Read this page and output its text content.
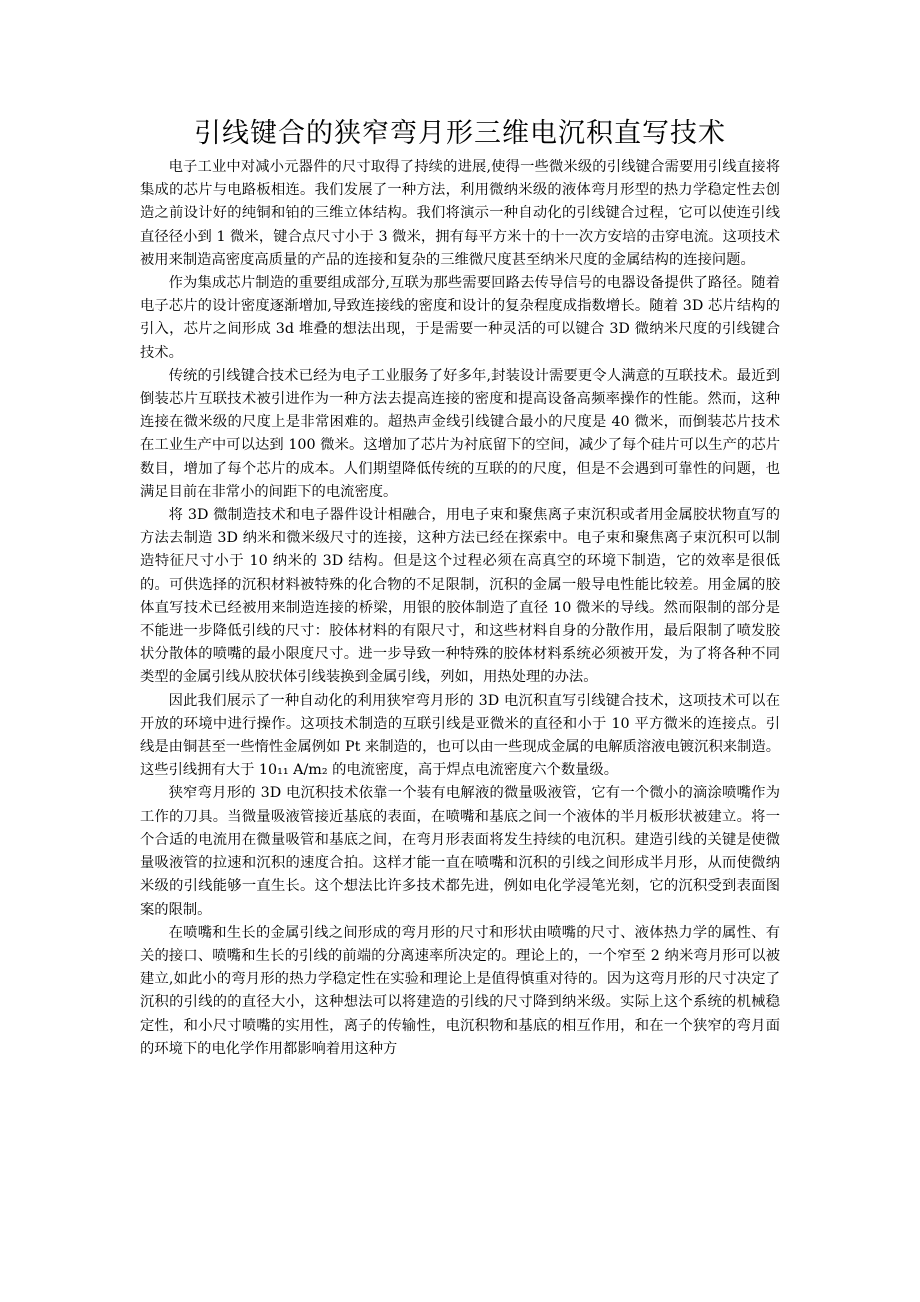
引线键合的狭窄弯月形三维电沉积直写技术

电子工业中对减小元器件的尺寸取得了持续的进展,使得一些微米级的引线键合需要用引线直接将集成的芯片与电路板相连。我们发展了一种方法，利用微纳米级的液体弯月形型的热力学稳定性去创造之前设计好的纯铜和铂的三维立体结构。我们将演示一种自动化的引线键合过程，它可以使连引线直径径小到 1 微米，键合点尺寸小于 3 微米，拥有每平方米十的十一次方安培的击穿电流。这项技术被用来制造高密度高质量的产品的连接和复杂的三维微尺度甚至纳米尺度的金属结构的连接问题。

作为集成芯片制造的重要组成部分,互联为那些需要回路去传导信号的电器设备提供了路径。随着电子芯片的设计密度逐渐增加,导致连接线的密度和设计的复杂程度成指数增长。随着 3D 芯片结构的引入，芯片之间形成 3d 堆叠的想法出现，于是需要一种灵活的可以键合 3D 微纳米尺度的引线键合技术。

传统的引线键合技术已经为电子工业服务了好多年,封装设计需要更令人满意的互联技术。最近到倒装芯片互联技术被引进作为一种方法去提高连接的密度和提高设备高频率操作的性能。然而，这种连接在微米级的尺度上是非常困难的。超热声金线引线键合最小的尺度是 40 微米，而倒装芯片技术在工业生产中可以达到 100 微米。这增加了芯片为衬底留下的空间，减少了每个硅片可以生产的芯片数目，增加了每个芯片的成本。人们期望降低传统的互联的的尺度，但是不会遇到可靠性的问题，也满足目前在非常小的间距下的电流密度。

将 3D 微制造技术和电子器件设计相融合，用电子束和聚焦离子束沉积或者用金属胶状物直写的方法去制造 3D 纳米和微米级尺寸的连接，这种方法已经在探索中。电子束和聚焦离子束沉积可以制造特征尺寸小于 10 纳米的 3D 结构。但是这个过程必须在高真空的环境下制造，它的效率是很低的。可供选择的沉积材料被特殊的化合物的不足限制，沉积的金属一般导电性能比较差。用金属的胶体直写技术已经被用来制造连接的桥梁，用银的胶体制造了直径 10 微米的导线。然而限制的部分是不能进一步降低引线的尺寸：胶体材料的有限尺寸，和这些材料自身的分散作用，最后限制了喷发胶状分散体的喷嘴的最小限度尺寸。进一步导致一种特殊的胶体材料系统必须被开发，为了将各种不同类型的金属引线从胶状体引线装换到金属引线，列如，用热处理的办法。

因此我们展示了一种自动化的利用狭窄弯月形的 3D 电沉积直写引线键合技术，这项技术可以在开放的环境中进行操作。这项技术制造的互联引线是亚微米的直径和小于 10 平方微米的连接点。引线是由铜甚至一些惰性金属例如 Pt 来制造的，也可以由一些现成金属的电解质溶液电镀沉积来制造。这些引线拥有大于 10₁₁ A/m₂ 的电流密度，高于焊点电流密度六个数量级。

狭窄弯月形的 3D 电沉积技术依靠一个装有电解液的微量吸液管，它有一个微小的滴涂喷嘴作为工作的刀具。当微量吸液管接近基底的表面，在喷嘴和基底之间一个液体的半月板形状被建立。将一个合适的电流用在微量吸管和基底之间，在弯月形表面将发生持续的电沉积。建造引线的关键是使微量吸液管的拉速和沉积的速度合拍。这样才能一直在喷嘴和沉积的引线之间形成半月形，从而使微纳米级的引线能够一直生长。这个想法比许多技术都先进，例如电化学浸笔光刻，它的沉积受到表面图案的限制。

在喷嘴和生长的金属引线之间形成的弯月形的尺寸和形状由喷嘴的尺寸、液体热力学的属性、有关的接口、喷嘴和生长的引线的前端的分离速率所决定的。理论上的，一个窄至 2 纳米弯月形可以被建立,如此小的弯月形的热力学稳定性在实验和理论上是值得慎重对待的。因为这弯月形的尺寸决定了沉积的引线的的直径大小，这种想法可以将建造的引线的尺寸降到纳米级。实际上这个系统的机械稳定性，和小尺寸喷嘴的实用性，离子的传输性，电沉积物和基底的相互作用，和在一个狭窄的弯月面的环境下的电化学作用都影响着用这种方
